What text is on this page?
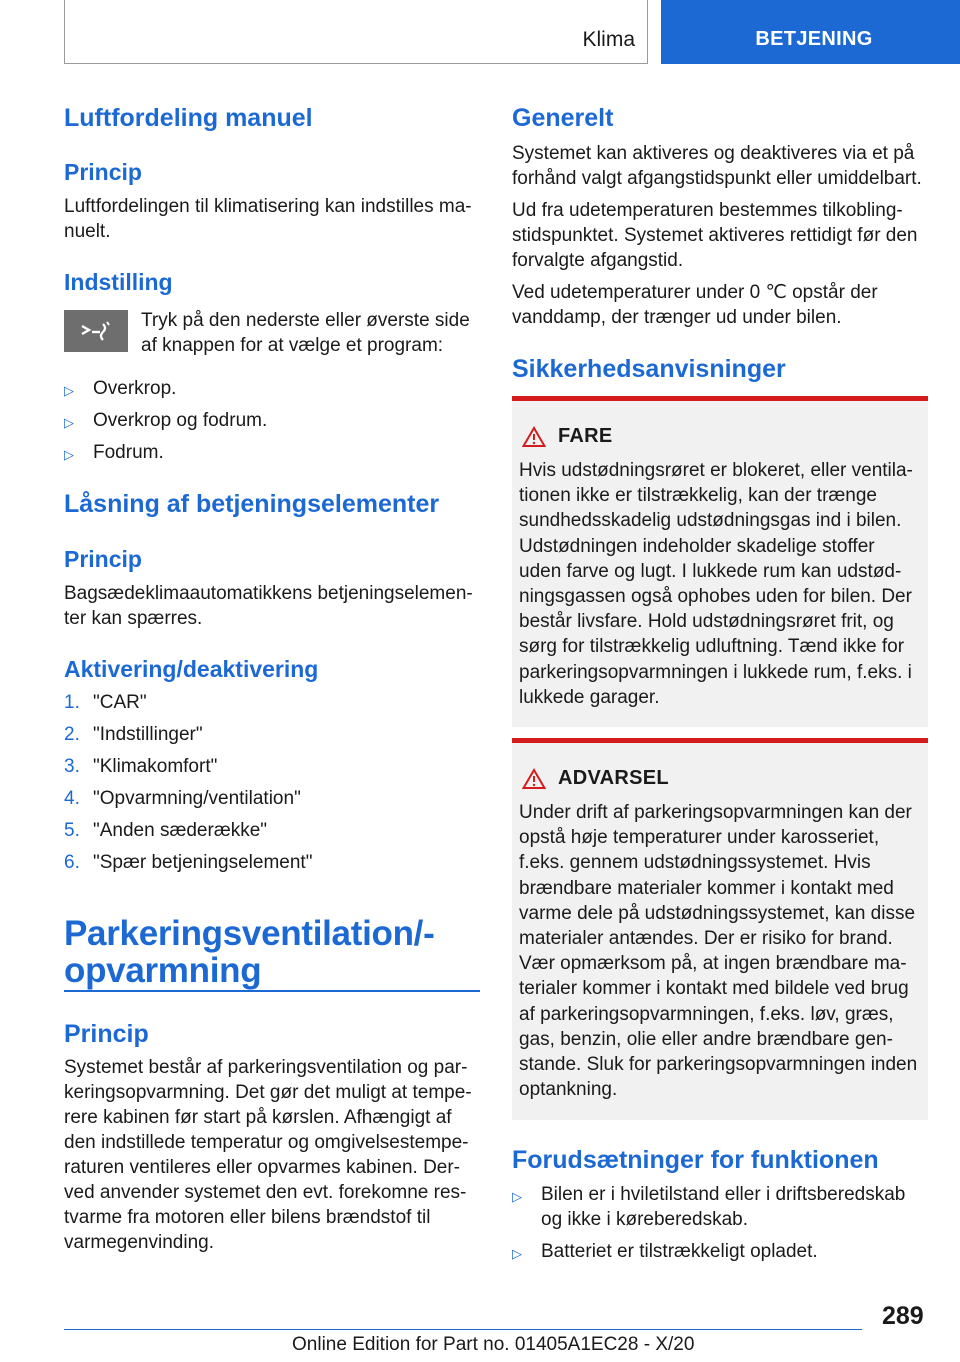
Klima	BETJENING
Luftfordeling manuel
Princip

Luftfordelingen til klimatisering kan indstilles ma-
nuelt.

Indstilling

Tryk på den nederste eller øverste side
af knappen for at vælge et program:

▷	Overkrop.
▷	Overkrop og fodrum.
▷	Fodrum.
Låsning af betjeningselementer
Princip

Bagsædeklimaautomatikkens betjeningselemen-
ter kan spærres.

Aktivering/deaktivering
1. "CAR"
2. "Indstillinger"
3. "Klimakomfort"
4. "Opvarmning/ventilation"
5. "Anden sæderække"
6. "Spær betjeningselement"
Parkeringsventilation/-
opvarmning
Princip

Systemet består af parkeringsventilation og par-
keringsopvarmning. Det gør det muligt at tempe-
rere kabinen før start på kørslen. Afhængigt af
den indstillede temperatur og omgivelsestempe-
raturen ventileres eller opvarmes kabinen. Der-
ved anvender systemet den evt. forekomne res-
tvarme fra motoren eller bilens brændstof til
varmegenvinding.

Generelt

Systemet kan aktiveres og deaktiveres via et på
forhånd valgt afgangstidspunkt eller umiddelbart.

Ud fra udetemperaturen bestemmes tilkobling-
stidspunktet. Systemet aktiveres rettidigt før den
forvalgte afgangstid.

Ved udetemperaturer under 0 ℃ opstår der
vanddamp, der trænger ud under bilen.

Sikkerhedsanvisninger
FARE

Hvis udstødningsrøret er blokeret, eller ventila-
tionen ikke er tilstrækkelig, kan der trænge
sundhedsskadelig udstødningsgas ind i bilen.
Udstødningen indeholder skadelige stoffer
uden farve og lugt. I lukkede rum kan udstød-
ningsgassen også ophobes uden for bilen. Der
består livsfare. Hold udstødningsrøret frit, og
sørg for tilstrækkelig udluftning. Tænd ikke for
parkeringsopvarmningen i lukkede rum, f.eks. i
lukkede garager.

ADVARSEL

Under drift af parkeringsopvarmningen kan der
opstå høje temperaturer under karosseriet,
f.eks. gennem udstødningssystemet. Hvis
brændbare materialer kommer i kontakt med
varme dele på udstødningssystemet, kan disse
materialer antændes. Der er risiko for brand.
Vær opmærksom på, at ingen brændbare ma-
terialer kommer i kontakt med bildele ved brug
af parkeringsopvarmningen, f.eks. løv, græs,
gas, benzin, olie eller andre brændbare gen-
stande. Sluk for parkeringsopvarmningen inden
optankning.

Forudsætninger for funktionen
▷	Bilen er i hviletilstand eller i driftsberedskab
og ikke i køreberedskab.
▷	Batteriet er tilstrækkeligt opladet.
289
Online Edition for Part no. 01405A1EC28 - X/20
